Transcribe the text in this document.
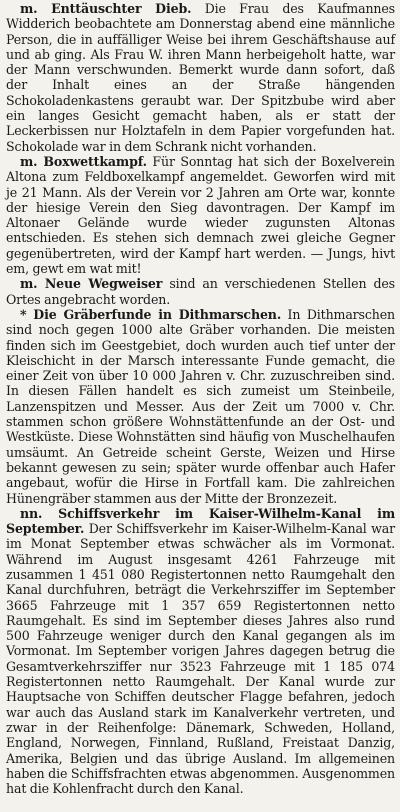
m. Enttäuschter Dieb. Die Frau des Kaufmannes Widderich beobachtete am Donnerstag abend eine männliche Person, die in auffälliger Weise bei ihrem Geschäftshause auf und ab ging. Als Frau W. ihren Mann herbeigeholt hatte, war der Mann verschwunden. Bemerkt wurde dann sofort, daß der Inhalt eines an der Straße hängenden Schokoladenkastens geraubt war. Der Spitzbube wird aber ein langes Gesicht gemacht haben, als er statt der Leckerbissen nur Holztafeln in dem Papier vorgefunden hat. Schokolade war in dem Schrank nicht vorhanden.

m. Boxwettkampf. Für Sonntag hat sich der Boxelverein Altona zum Feldboxelkampf angemeldet. Geworfen wird mit je 21 Mann. Als der Verein vor 2 Jahren am Orte war, konnte der hiesige Verein den Sieg davontragen. Der Kampf im Altonaer Gelände wurde wieder zugunsten Altonas entschieden. Es stehen sich demnach zwei gleiche Gegner gegenübertreten, wird der Kampf hart werden. — Jungs, hivt em, gewt em wat mit!

m. Neue Wegweiser sind an verschiedenen Stellen des Ortes angebracht worden.

* Die Gräberfunde in Dithmarschen. In Dithmarschen sind noch gegen 1000 alte Gräber vorhanden. Die meisten finden sich im Geestgebiet, doch wurden auch tief unter der Kleischicht in der Marsch interessante Funde gemacht, die einer Zeit von über 10 000 Jahren v. Chr. zuzuschreiben sind. In diesen Fällen handelt es sich zumeist um Steinbeile, Lanzenspitzen und Messer. Aus der Zeit um 7000 v. Chr. stammen schon größere Wohnstättenfunde an der Ost- und Westküste. Diese Wohnstätten sind häufig von Muschelhaufen umsäumt. An Getreide scheint Gerste, Weizen und Hirse bekannt gewesen zu sein; später wurde offenbar auch Hafer angebaut, wofür die Hirse in Fortfall kam. Die zahlreichen Hünengräber stammen aus der Mitte der Bronzezeit.

nn. Schiffsverkehr im Kaiser-Wilhelm-Kanal im September. Der Schiffsverkehr im Kaiser-Wilhelm-Kanal war im Monat September etwas schwächer als im Vormonat. Während im August insgesamt 4261 Fahrzeuge mit zusammen 1 451 080 Registertonnen netto Raumgehalt den Kanal durchfuhren, beträgt die Verkehrsziffer im September 3665 Fahrzeuge mit 1 357 659 Registertonnen netto Raumgehalt. Es sind im September dieses Jahres also rund 500 Fahrzeuge weniger durch den Kanal gegangen als im Vormonat. Im September vorigen Jahres dagegen betrug die Gesamtverkehrsziffer nur 3523 Fahrzeuge mit 1 185 074 Registertonnen netto Raumgehalt. Der Kanal wurde zur Hauptsache von Schiffen deutscher Flagge befahren, jedoch war auch das Ausland stark im Kanalverkehr vertreten, und zwar in der Reihenfolge: Dänemark, Schweden, Holland, England, Norwegen, Finnland, Rußland, Freistaat Danzig, Amerika, Belgien und das übrige Ausland. Im allgemeinen haben die Schiffsfrachten etwas abgenommen. Ausgenommen hat die Kohlenfracht durch den Kanal.
